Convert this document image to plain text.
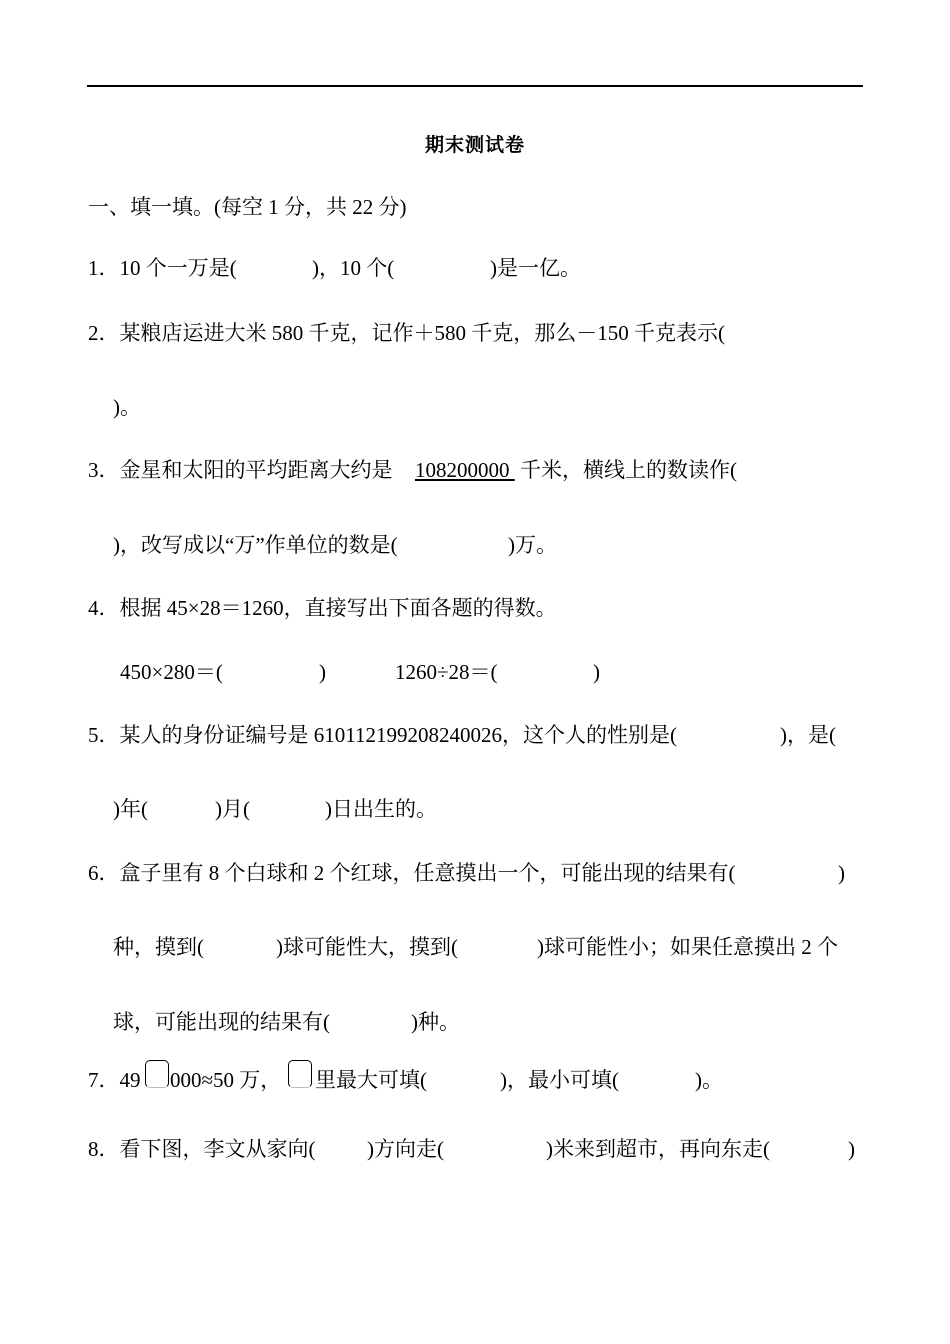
期末测试卷
一、填一填。(每空 1 分，共 22 分)
1．10 个一万是(	)，10 个(	)是一亿。
2．某粮店运进大米 580 千克，记作＋580 千克，那么－150 千克表示(
)。
3．金星和太阳的平均距离大约是 108200000 千米，横线上的数读作(
)，改写成以“万”作单位的数是(	)万。
4．根据 45×28＝1260，直接写出下面各题的得数。
450×280＝(	)	1260÷28＝(	)
5．某人的身份证编号是 610112199208240026，这个人的性别是(	)，是(
)年(	)月(	)日出生的。
6．盒子里有 8 个白球和 2 个红球，任意摸出一个，可能出现的结果有(	)
种，摸到(	)球可能性大，摸到(	)球可能性小；如果任意摸出 2 个
球，可能出现的结果有(	)种。
7．49 000≈50 万， 里最大可填(	)，最小可填(	)。
8．看下图，李文从家向( )方向走(	)米来到超市，再向东走(	)
